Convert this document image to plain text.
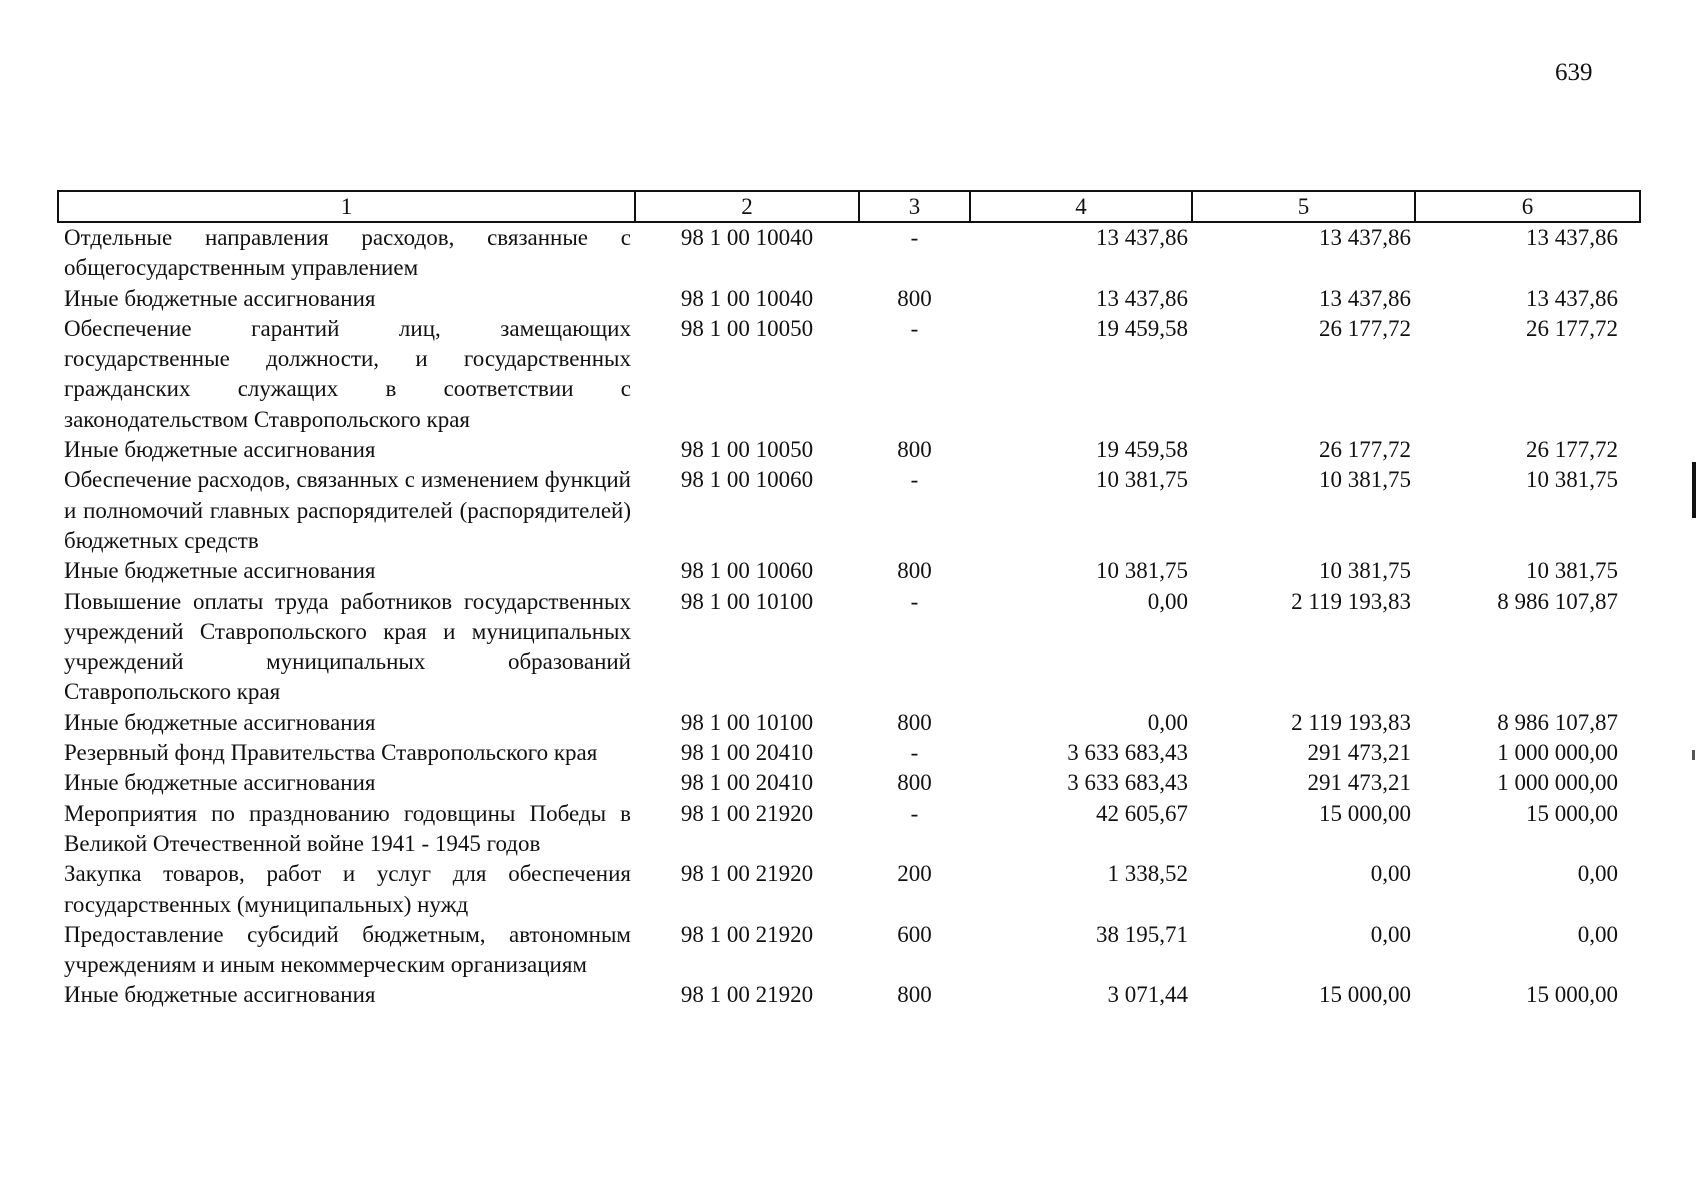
639
1	2	3	4	5	6
Отдельные направления расходов, связанные с общегосударственным управлением	98 1 00 10040	-	13 437,86	13 437,86	13 437,86
Иные бюджетные ассигнования	98 1 00 10040	800	13 437,86	13 437,86	13 437,86
Обеспечение гарантий лиц, замещающих государственные должности, и государственных гражданских служащих в соответствии с законодательством Ставропольского края	98 1 00 10050	-	19 459,58	26 177,72	26 177,72
Иные бюджетные ассигнования	98 1 00 10050	800	19 459,58	26 177,72	26 177,72
Обеспечение расходов, связанных с изменением функций и полномочий главных распорядителей (распорядителей) бюджетных средств	98 1 00 10060	-	10 381,75	10 381,75	10 381,75
Иные бюджетные ассигнования	98 1 00 10060	800	10 381,75	10 381,75	10 381,75
Повышение оплаты труда работников государственных учреждений Ставропольского края и муниципальных учреждений муниципальных образований Ставропольского края	98 1 00 10100	-	0,00	2 119 193,83	8 986 107,87
Иные бюджетные ассигнования	98 1 00 10100	800	0,00	2 119 193,83	8 986 107,87
Резервный фонд Правительства Ставропольского края	98 1 00 20410	-	3 633 683,43	291 473,21	1 000 000,00
Иные бюджетные ассигнования	98 1 00 20410	800	3 633 683,43	291 473,21	1 000 000,00
Мероприятия по празднованию годовщины Победы в Великой Отечественной войне 1941 - 1945 годов	98 1 00 21920	-	42 605,67	15 000,00	15 000,00
Закупка товаров, работ и услуг для обеспечения государственных (муниципальных) нужд	98 1 00 21920	200	1 338,52	0,00	0,00
Предоставление субсидий бюджетным, автономным учреждениям и иным некоммерческим организациям	98 1 00 21920	600	38 195,71	0,00	0,00
Иные бюджетные ассигнования	98 1 00 21920	800	3 071,44	15 000,00	15 000,00
